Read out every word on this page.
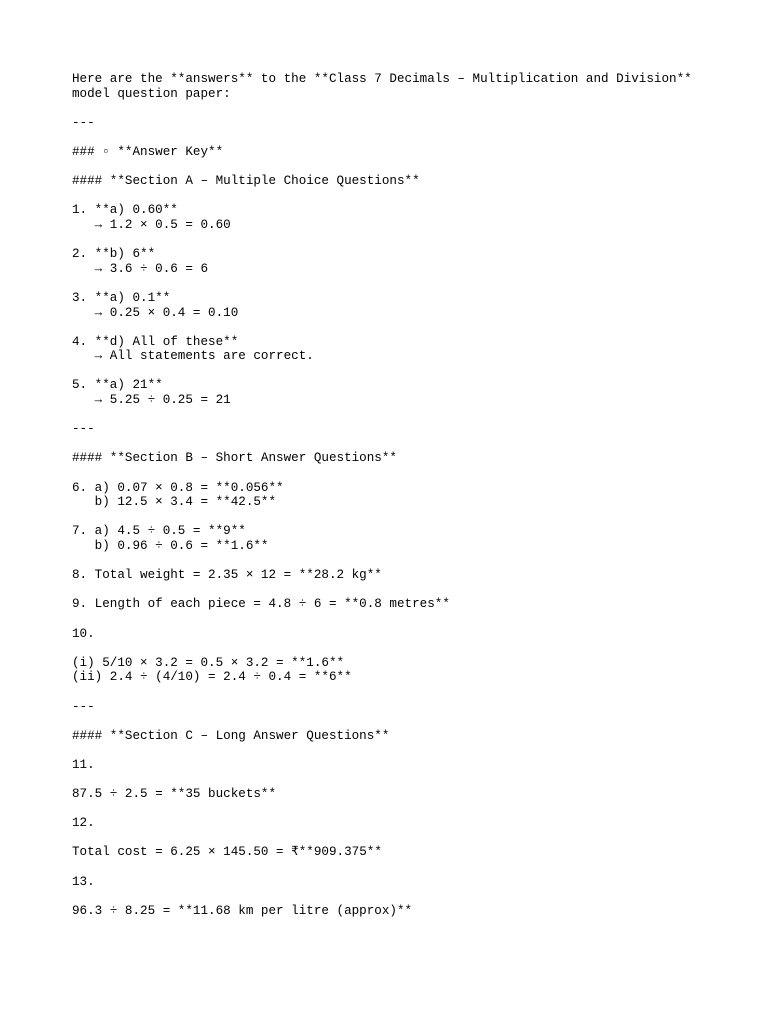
Here are the **answers** to the **Class 7 Decimals – Multiplication and Division**
model question paper:
---
### ▫ **Answer Key**
#### **Section A – Multiple Choice Questions**
1. **a) 0.60**
→ 1.2 × 0.5 = 0.60
2. **b) 6**
→ 3.6 ÷ 0.6 = 6
3. **a) 0.1**
→ 0.25 × 0.4 = 0.10
4. **d) All of these**
→ All statements are correct.
5. **a) 21**
→ 5.25 ÷ 0.25 = 21
---
#### **Section B – Short Answer Questions**
6. a) 0.07 × 0.8 = **0.056**
b) 12.5 × 3.4 = **42.5**
7. a) 4.5 ÷ 0.5 = **9**
b) 0.96 ÷ 0.6 = **1.6**
8. Total weight = 2.35 × 12 = **28.2 kg**
9. Length of each piece = 4.8 ÷ 6 = **0.8 metres**
10.
(i) 5/10 × 3.2 = 0.5 × 3.2 = **1.6**
(ii) 2.4 ÷ (4/10) = 2.4 ÷ 0.4 = **6**
---
#### **Section C – Long Answer Questions**
11.
87.5 ÷ 2.5 = **35 buckets**
12.
Total cost = 6.25 × 145.50 = ₹**909.375**
13.
96.3 ÷ 8.25 = **11.68 km per litre (approx)**
